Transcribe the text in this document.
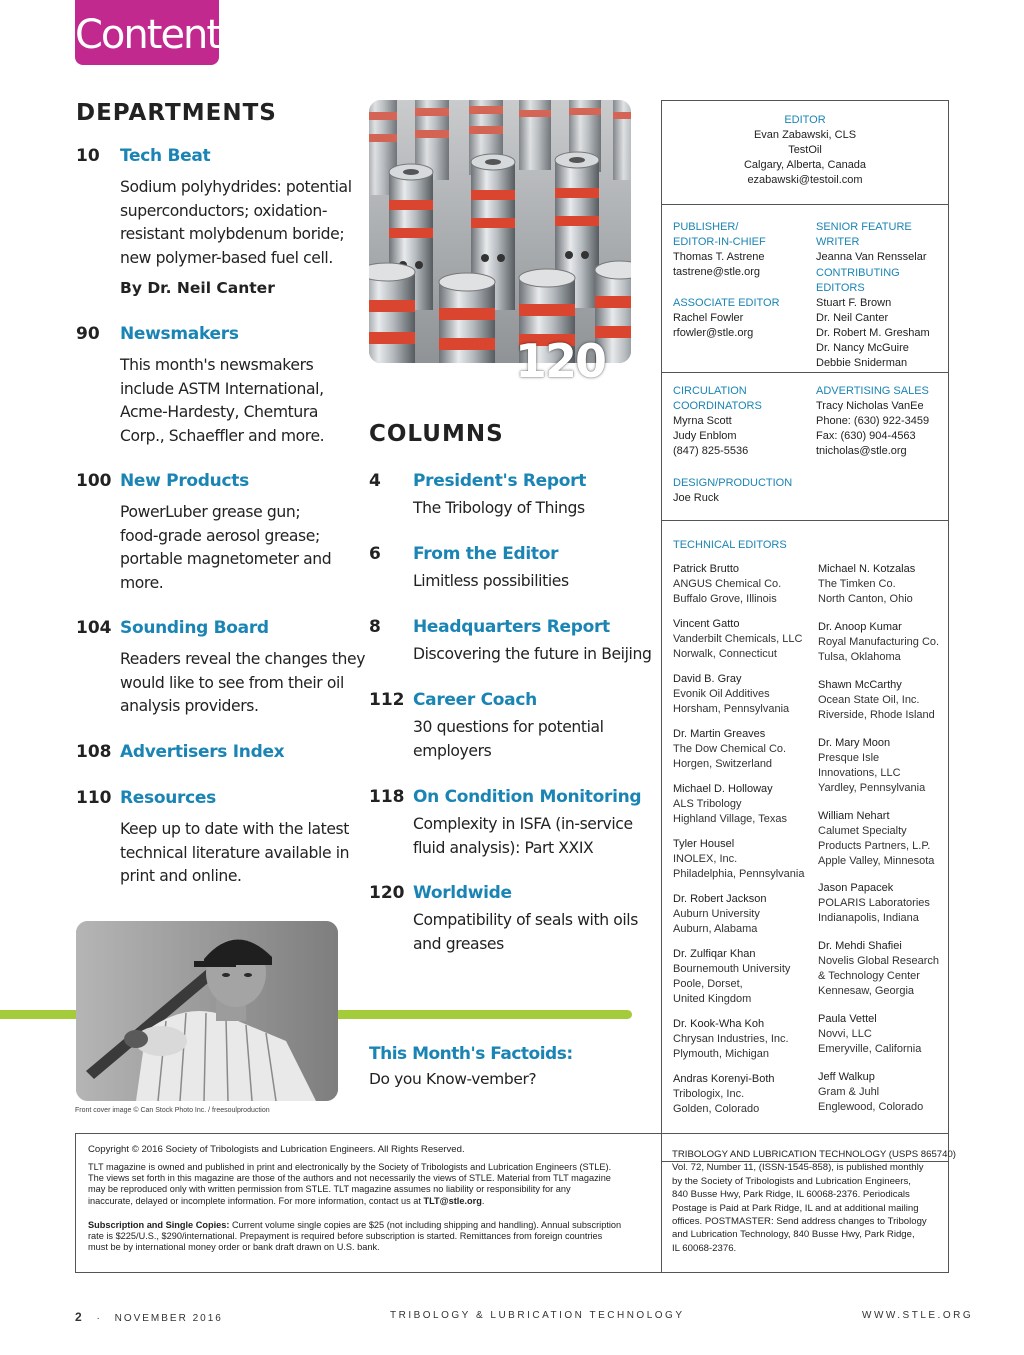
Contents
DEPARTMENTS
10 Tech Beat
Sodium polyhydrides: potential
superconductors; oxidation-
resistant molybdenum boride;
new polymer-based fuel cell.
By Dr. Neil Canter
90 Newsmakers
This month's newsmakers
include ASTM International,
Acme-Hardesty, Chemtura
Corp., Schaeffler and more.
100 New Products
PowerLuber grease gun;
food-grade aerosol grease;
portable magnetometer and
more.
104 Sounding Board
Readers reveal the changes they
would like to see from their oil
analysis providers.
108 Advertisers Index
110 Resources
Keep up to date with the latest
technical literature available in
print and online.
120
COLUMNS
4 President's Report
The Tribology of Things
6 From the Editor
Limitless possibilities
8 Headquarters Report
Discovering the future in Beijing
112 Career Coach
30 questions for potential
employers
118 On Condition Monitoring
Complexity in ISFA (in-service
fluid analysis): Part XXIX
120 Worldwide
Compatibility of seals with oils
and greases
Front cover image © Can Stock Photo Inc. / freesoulproduction
This Month's Factoids:
Do you Know-vember?
EDITOR
Evan Zabawski, CLS
TestOil
Calgary, Alberta, Canada
ezabawski@testoil.com
PUBLISHER/
EDITOR-IN-CHIEF
Thomas T. Astrene
tastrene@stle.org
ASSOCIATE EDITOR
Rachel Fowler
rfowler@stle.org
SENIOR FEATURE WRITER
Jeanna Van Rensselar
CONTRIBUTING EDITORS
Stuart F. Brown
Dr. Neil Canter
Dr. Robert M. Gresham
Dr. Nancy McGuire
Debbie Sniderman
CIRCULATION
COORDINATORS
Myrna Scott
Judy Enblom
(847) 825-5536
ADVERTISING SALES
Tracy Nicholas VanEe
Phone: (630) 922-3459
Fax: (630) 904-4563
tnicholas@stle.org
DESIGN/PRODUCTION
Joe Ruck
TECHNICAL EDITORS
Patrick Brutto
ANGUS Chemical Co.
Buffalo Grove, Illinois
Vincent Gatto
Vanderbilt Chemicals, LLC
Norwalk, Connecticut
David B. Gray
Evonik Oil Additives
Horsham, Pennsylvania
Dr. Martin Greaves
The Dow Chemical Co.
Horgen, Switzerland
Michael D. Holloway
ALS Tribology
Highland Village, Texas
Tyler Housel
INOLEX, Inc.
Philadelphia, Pennsylvania
Dr. Robert Jackson
Auburn University
Auburn, Alabama
Dr. Zulfiqar Khan
Bournemouth University
Poole, Dorset,
United Kingdom
Dr. Kook-Wha Koh
Chrysan Industries, Inc.
Plymouth, Michigan
Andras Korenyi-Both
Tribologix, Inc.
Golden, Colorado
Michael N. Kotzalas
The Timken Co.
North Canton, Ohio
Dr. Anoop Kumar
Royal Manufacturing Co.
Tulsa, Oklahoma
Shawn McCarthy
Ocean State Oil, Inc.
Riverside, Rhode Island
Dr. Mary Moon
Presque Isle
Innovations, LLC
Yardley, Pennsylvania
William Nehart
Calumet Specialty
Products Partners, L.P.
Apple Valley, Minnesota
Jason Papacek
POLARIS Laboratories
Indianapolis, Indiana
Dr. Mehdi Shafiei
Novelis Global Research
& Technology Center
Kennesaw, Georgia
Paula Vettel
Novvi, LLC
Emeryville, California
Jeff Walkup
Gram & Juhl
Englewood, Colorado
Copyright © 2016 Society of Tribologists and Lubrication Engineers. All Rights Reserved.
TLT magazine is owned and published in print and electronically by the Society of Tribologists and Lubrication Engineers (STLE).
The views set forth in this magazine are those of the authors and not necessarily the views of STLE. Material from TLT magazine
may be reproduced only with written permission from STLE. TLT magazine assumes no liability or responsibility for any
inaccurate, delayed or incomplete information. For more information, contact us at TLT@stle.org.
Subscription and Single Copies: Current volume single copies are $25 (not including shipping and handling). Annual subscription
rate is $225/U.S., $290/international. Prepayment is required before subscription is started. Remittances from foreign countries
must be by international money order or bank draft drawn on U.S. bank.
TRIBOLOGY AND LUBRICATION TECHNOLOGY (USPS 865740)
Vol. 72, Number 11, (ISSN-1545-858), is published monthly
by the Society of Tribologists and Lubrication Engineers,
840 Busse Hwy, Park Ridge, IL 60068-2376. Periodicals
Postage is Paid at Park Ridge, IL and at additional mailing
offices. POSTMASTER: Send address changes to Tribology
and Lubrication Technology, 840 Busse Hwy, Park Ridge,
IL 60068-2376.
2 · NOVEMBER 2016	TRIBOLOGY & LUBRICATION TECHNOLOGY	WWW.STLE.ORG
